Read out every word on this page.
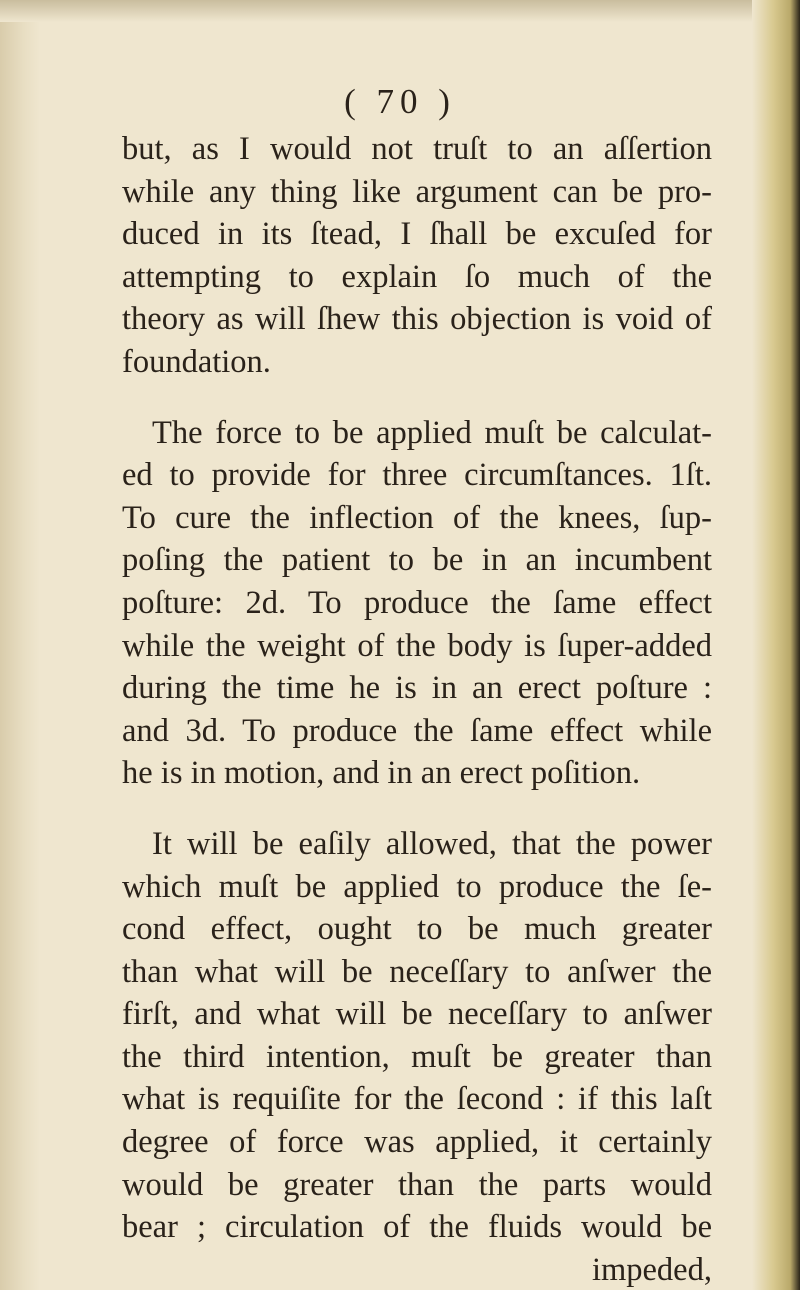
( 70 )
but, as I would not truſt to an aſſertion
while any thing like argument can be pro-
duced in its ſtead, I ſhall be excuſed for
attempting to explain ſo much of the
theory as will ſhew this objection is void of
foundation.
The force to be applied muſt be calculat-
ed to provide for three circumſtances. 1ſt.
To cure the inflection of the knees, ſup-
poſing the patient to be in an incumbent
poſture: 2d. To produce the ſame effect
while the weight of the body is ſuper-added
during the time he is in an erect poſture :
and 3d. To produce the ſame effect while
he is in motion, and in an erect poſition.
It will be eaſily allowed, that the power
which muſt be applied to produce the ſe-
cond effect, ought to be much greater
than what will be neceſſary to anſwer the
firſt, and what will be neceſſary to anſwer
the third intention, muſt be greater than
what is requiſite for the ſecond : if this laſt
degree of force was applied, it certainly
would be greater than the parts would
bear ; circulation of the fluids would be
impeded,
